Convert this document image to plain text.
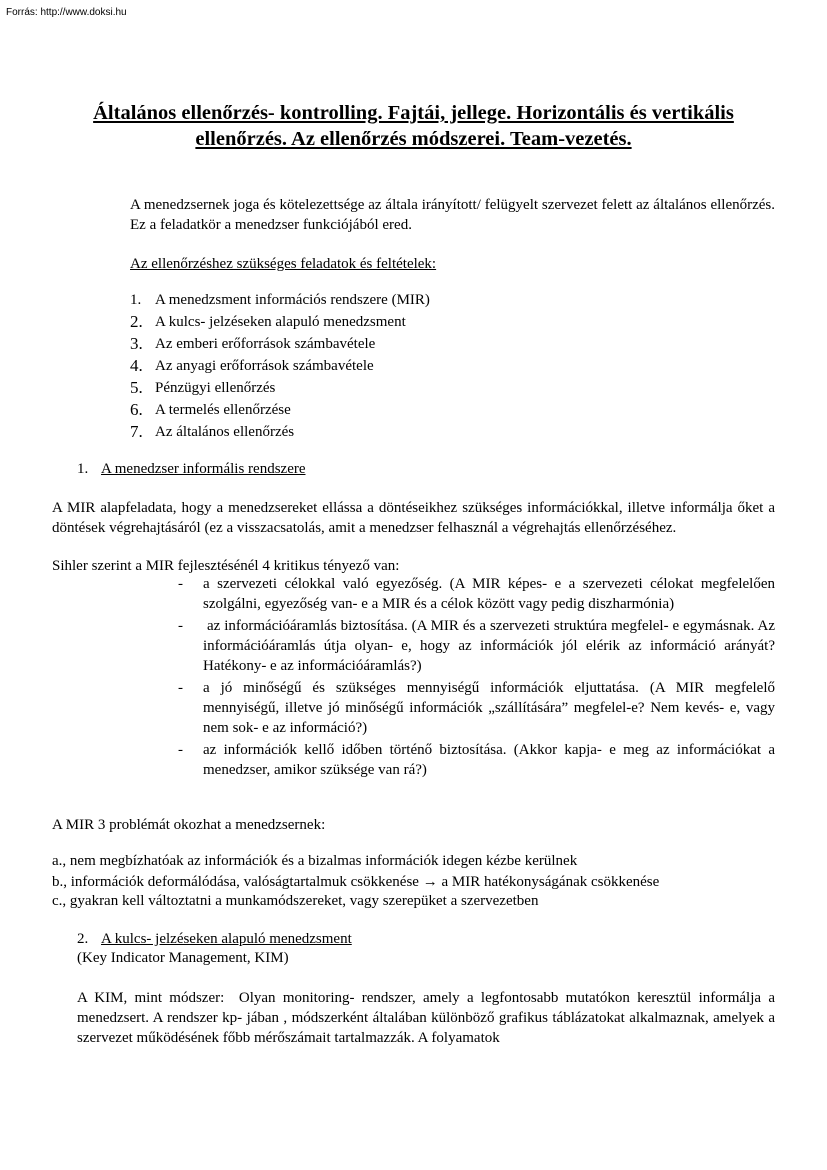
Forrás: http://www.doksi.hu
Általános ellenőrzés- kontrolling. Fajtái, jellege. Horizontális és vertikális ellenőrzés. Az ellenőrzés módszerei. Team-vezetés.

A menedzsernek joga és kötelezettsége az általa irányított/ felügyelt szervezet felett az általános ellenőrzés. Ez a feladatkör a menedzser funkciójából ered.

Az ellenőrzéshez szükséges feladatok és feltételek:

1. A menedzsment információs rendszere (MIR)
2. A kulcs- jelzéseken alapuló menedzsment
3. Az emberi erőforrások számbavétele
4. Az anyagi erőforrások számbavétele
5. Pénzügyi ellenőrzés
6. A termelés ellenőrzése
7. Az általános ellenőrzés

1. A menedzser informális rendszere

A MIR alapfeladata, hogy a menedzsereket ellássa a döntéseikhez szükséges információkkal, illetve informálja őket a döntések végrehajtásáról (ez a visszacsatolás, amit a menedzser felhasznál a végrehajtás ellenőrzéséhez.

Sihler szerint a MIR fejlesztésénél 4 kritikus tényező van:

-	a szervezeti célokkal való egyezőség. (A MIR képes- e a szervezeti célokat megfelelően szolgálni, egyezőség van- e a MIR és a célok között vagy pedig diszharmónia)
-	az információáramlás biztosítása. (A MIR és a szervezeti struktúra megfelel- e egymásnak. Az információáramlás útja olyan- e, hogy az információk jól elérik az információ arányát? Hatékony- e az információáramlás?)
-	a jó minőségű és szükséges mennyiségű információk eljuttatása. (A MIR megfelelő mennyiségű, illetve jó minőségű információk „szállítására” megfelel-e? Nem kevés- e, vagy nem sok- e az információ?)
-	az információk kellő időben történő biztosítása. (Akkor kapja- e meg az információkat a menedzser, amikor szüksége van rá?)

A MIR 3 problémát okozhat a menedzsernek:

a., nem megbízhatóak az információk és a bizalmas információk idegen kézbe kerülnek

b., információk deformálódása, valóságtartalmuk csökkenése → a MIR hatékonyságának csökkenése

c., gyakran kell változtatni a munkamódszereket, vagy szerepüket a szervezetben

2. A kulcs- jelzéseken alapuló menedzsment

(Key Indicator Management, KIM)

A KIM, mint módszer:  Olyan monitoring- rendszer, amely a legfontosabb mutatókon keresztül informálja a menedzsert. A rendszer kp- jában , módszerként általában különböző grafikus táblázatokat alkalmaznak, amelyek a szervezet működésének főbb mérőszámait tartalmazzák. A folyamatok
